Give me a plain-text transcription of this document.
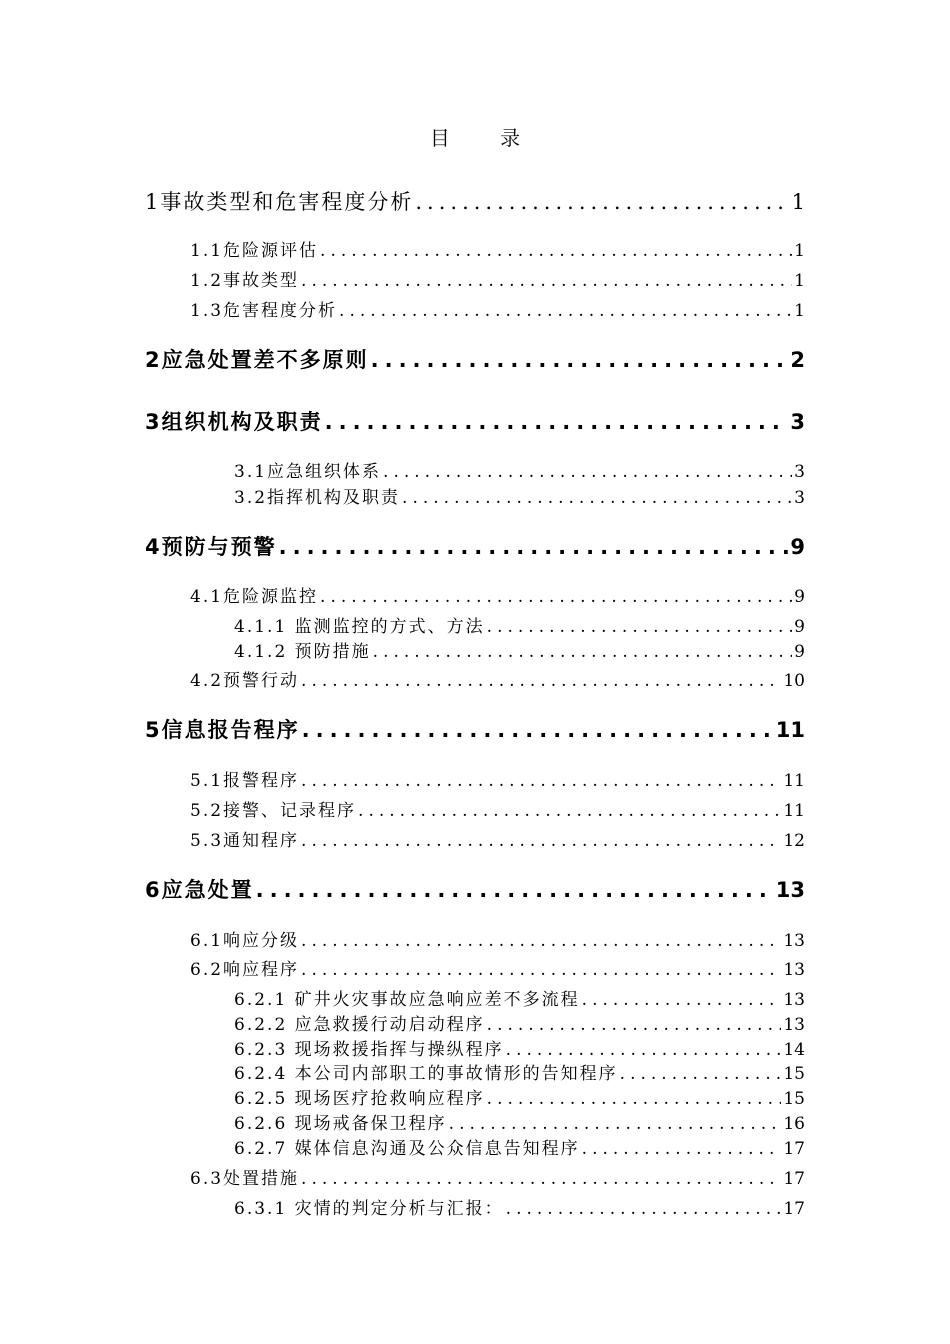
目 录
1事故类型和危害程度分析 .....	1
1.1危险源评估 .....	1
1.2事故类型 .....	1
1.3危害程度分析 .....	1
2应急处置差不多原则 .....	2
3组织机构及职责 .....	3
3.1应急组织体系 .....	3
3.2指挥机构及职责 .....	3
4预防与预警 .....	9
4.1危险源监控 .....	9
4.1.1 监测监控的方式、方法 .....	9
4.1.2 预防措施 .....	9
4.2预警行动 .....	10
5信息报告程序 .....	11
5.1报警程序 .....	11
5.2接警、记录程序 .....	11
5.3通知程序 .....	12
6应急处置 .....	13
6.1响应分级 .....	13
6.2响应程序 .....	13
6.2.1 矿井火灾事故应急响应差不多流程 .....	13
6.2.2 应急救援行动启动程序 .....	13
6.2.3 现场救援指挥与操纵程序 .....	14
6.2.4 本公司内部职工的事故情形的告知程序 .....	15
6.2.5 现场医疗抢救响应程序 .....	15
6.2.6 现场戒备保卫程序 .....	16
6.2.7 媒体信息沟通及公众信息告知程序 .....	17
6.3处置措施 .....	17
6.3.1 灾情的判定分析与汇报： .....	17
